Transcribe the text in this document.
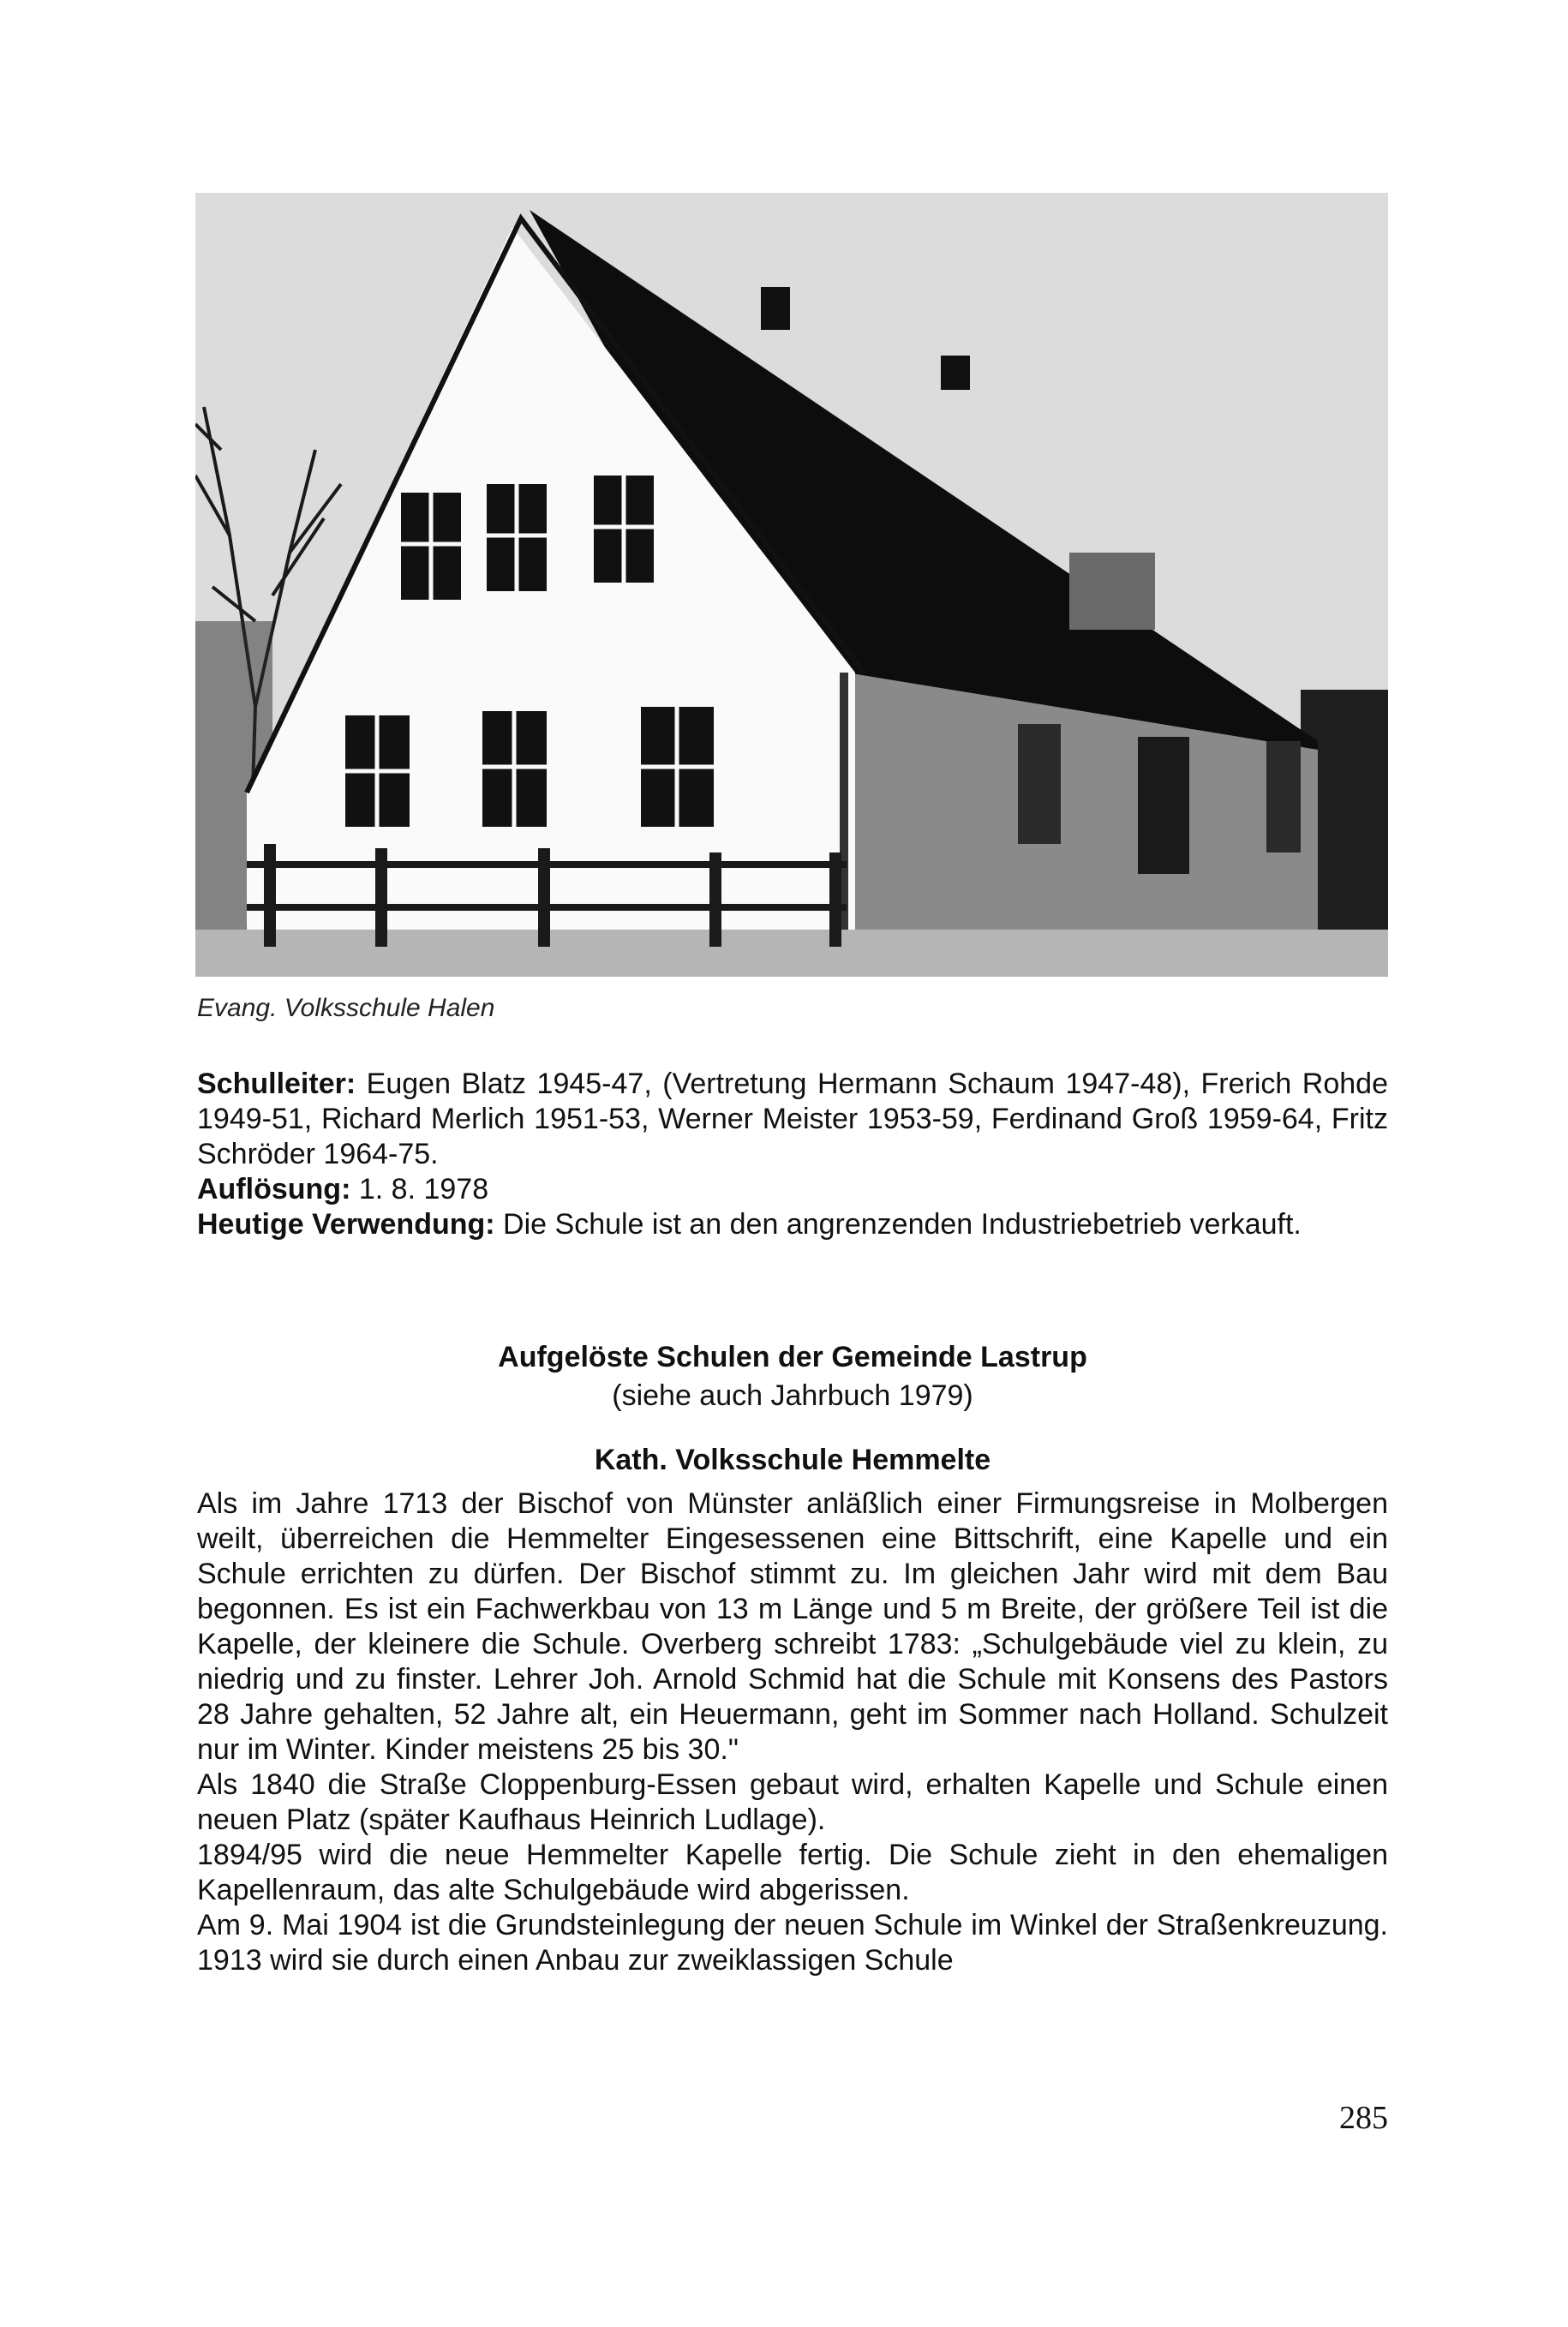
Evang. Volksschule Halen

Schulleiter: Eugen Blatz 1945-47, (Vertretung Hermann Schaum 1947-48), Frerich Rohde 1949-51, Richard Merlich 1951-53, Werner Meister 1953-59, Ferdinand Groß 1959-64, Fritz Schröder 1964-75.

Auflösung: 1. 8. 1978

Heutige Verwendung: Die Schule ist an den angrenzenden Industriebetrieb verkauft.

Aufgelöste Schulen der Gemeinde Lastrup
(siehe auch Jahrbuch 1979)
Kath. Volksschule Hemmelte

Als im Jahre 1713 der Bischof von Münster anläßlich einer Firmungsreise in Molbergen weilt, überreichen die Hemmelter Eingesessenen eine Bittschrift, eine Kapelle und ein Schule errichten zu dürfen. Der Bischof stimmt zu. Im gleichen Jahr wird mit dem Bau begonnen. Es ist ein Fachwerkbau von 13 m Länge und 5 m Breite, der größere Teil ist die Kapelle, der kleinere die Schule. Overberg schreibt 1783: „Schulgebäude viel zu klein, zu niedrig und zu finster. Lehrer Joh. Arnold Schmid hat die Schule mit Konsens des Pastors 28 Jahre gehalten, 52 Jahre alt, ein Heuermann, geht im Sommer nach Holland. Schulzeit nur im Winter. Kinder meistens 25 bis 30."

Als 1840 die Straße Cloppenburg-Essen gebaut wird, erhalten Kapelle und Schule einen neuen Platz (später Kaufhaus Heinrich Ludlage).

1894/95 wird die neue Hemmelter Kapelle fertig. Die Schule zieht in den ehemaligen Kapellenraum, das alte Schulgebäude wird abgerissen.

Am 9. Mai 1904 ist die Grundsteinlegung der neuen Schule im Winkel der Straßenkreuzung. 1913 wird sie durch einen Anbau zur zweiklassigen Schule

285
